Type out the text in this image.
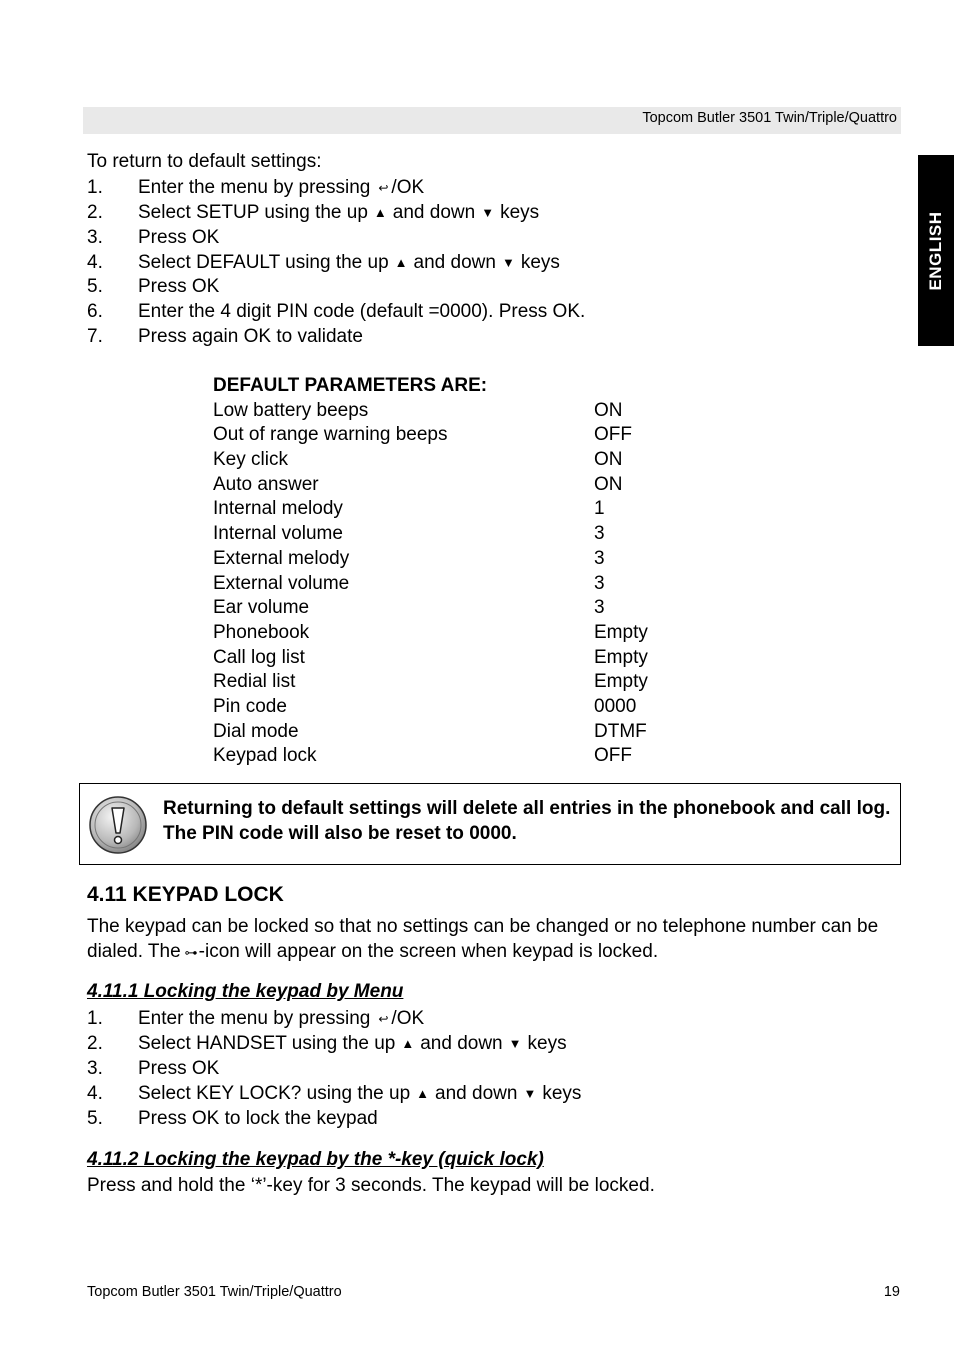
Topcom Butler 3501 Twin/Triple/Quattro
ENGLISH
To return to default settings:
1. Enter the menu by pressing ↩ /OK
2. Select SETUP using the up ▲ and down ▼ keys
3. Press OK
4. Select DEFAULT using the up ▲ and down ▼ keys
5. Press OK
6. Enter the 4 digit PIN code (default =0000). Press OK.
7. Press again OK to validate
DEFAULT PARAMETERS ARE:
Low battery beeps	ON
Out of range warning beeps	OFF
Key click	ON
Auto answer	ON
Internal melody	1
Internal volume	3
External melody	3
External volume	3
Ear volume	3
Phonebook	Empty
Call log list	Empty
Redial list	Empty
Pin code	0000
Dial mode	DTMF
Keypad lock	OFF
Returning to default settings will delete all entries in the phonebook and call log. The PIN code will also be reset to 0000.
4.11 KEYPAD LOCK
The keypad can be locked so that no settings can be changed or no telephone number can be dialed. The ⊶-icon will appear on the screen when keypad is locked.
4.11.1 Locking the keypad by Menu
1. Enter the menu by pressing ↩ /OK
2. Select HANDSET using the up ▲ and down ▼ keys
3. Press OK
4. Select KEY LOCK? using the up ▲ and down ▼ keys
5. Press OK to lock the keypad
4.11.2 Locking the keypad by the *-key (quick lock)
Press and hold the ‘*’-key for 3 seconds. The keypad will be locked.
Topcom Butler 3501 Twin/Triple/Quattro	19
